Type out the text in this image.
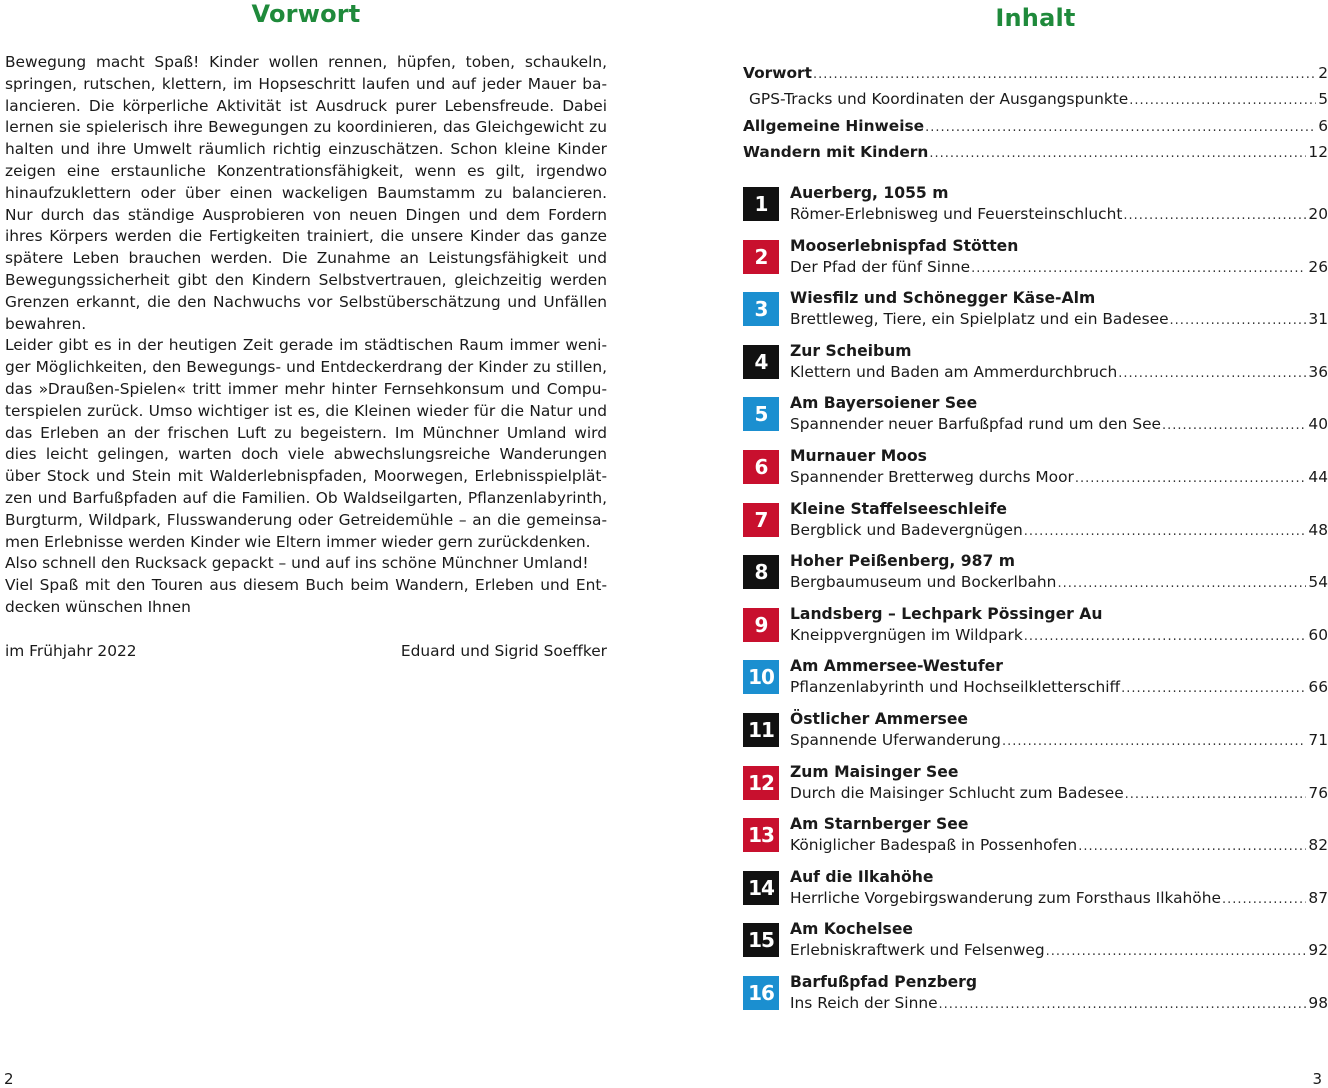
Vorwort

Bewegung macht Spaß! Kinder wollen rennen, hüpfen, toben, schaukeln, springen, rutschen, klettern, im Hopseschritt laufen und auf jeder Mauer balancieren. Die körperliche Aktivität ist Ausdruck purer Lebensfreude. Dabei lernen sie spielerisch ihre Bewegungen zu koordinieren, das Gleichgewicht zu halten und ihre Umwelt räumlich richtig einzuschätzen. Schon kleine Kinder zeigen eine erstaunliche Konzentrationsfähigkeit, wenn es gilt, irgendwo hinaufzuklettern oder über einen wackeligen Baumstamm zu balancieren. Nur durch das ständige Ausprobieren von neuen Dingen und dem Fordern ihres Körpers werden die Fertigkeiten trainiert, die unsere Kinder das ganze spätere Leben brauchen werden. Die Zunahme an Leistungsfähigkeit und Bewegungssicherheit gibt den Kindern Selbstvertrauen, gleichzeitig werden Grenzen erkannt, die den Nachwuchs vor Selbstüberschätzung und Unfällen bewahren.

Leider gibt es in der heutigen Zeit gerade im städtischen Raum immer weniger Möglichkeiten, den Bewegungs- und Entdeckerdrang der Kinder zu stillen, das »Draußen-Spielen« tritt immer mehr hinter Fernsehkonsum und Computerspielen zurück. Umso wichtiger ist es, die Kleinen wieder für die Natur und das Erleben an der frischen Luft zu begeistern. Im Münchner Umland wird dies leicht gelingen, warten doch viele abwechslungsreiche Wanderungen über Stock und Stein mit Walderlebnispfaden, Moorwegen, Erlebnisspielplätzen und Barfußpfaden auf die Familien. Ob Waldseilgarten, Pflanzenlabyrinth, Burgturm, Wildpark, Flusswanderung oder Getreidemühle – an die gemeinsamen Erlebnisse werden Kinder wie Eltern immer wieder gern zurückdenken.

Also schnell den Rucksack gepackt – und auf ins schöne Münchner Umland!

Viel Spaß mit den Touren aus diesem Buch beim Wandern, Erleben und Entdecken wünschen Ihnen

im Frühjahr 2022	Eduard und Sigrid Soeffker
2
Inhalt
Vorwort .....	2
GPS-Tracks und Koordinaten der Ausgangspunkte .....	5
Allgemeine Hinweise .....	6
Wandern mit Kindern .....	12
1	Auerberg, 1055 m
Römer-Erlebnisweg und Feuersteinschlucht .....	20
2	Mooserlebnispfad Stötten
Der Pfad der fünf Sinne .....	26
3	Wiesfilz und Schönegger Käse-Alm
Brettleweg, Tiere, ein Spielplatz und ein Badesee .....	31
4	Zur Scheibum
Klettern und Baden am Ammerdurchbruch .....	36
5	Am Bayersoiener See
Spannender neuer Barfußpfad rund um den See .....	40
6	Murnauer Moos
Spannender Bretterweg durchs Moor .....	44
7	Kleine Staffelseeschleife
Bergblick und Badevergnügen .....	48
8	Hoher Peißenberg, 987 m
Bergbaumuseum und Bockerlbahn .....	54
9	Landsberg – Lechpark Pössinger Au
Kneippvergnügen im Wildpark .....	60
10	Am Ammersee-Westufer
Pflanzenlabyrinth und Hochseilkletterschiff .....	66
11	Östlicher Ammersee
Spannende Uferwanderung .....	71
12	Zum Maisinger See
Durch die Maisinger Schlucht zum Badesee .....	76
13	Am Starnberger See
Königlicher Badespaß in Possenhofen .....	82
14	Auf die Ilkahöhe
Herrliche Vorgebirgswanderung zum Forsthaus Ilkahöhe .....	87
15	Am Kochelsee
Erlebniskraftwerk und Felsenweg .....	92
16	Barfußpfad Penzberg
Ins Reich der Sinne .....	98
3
